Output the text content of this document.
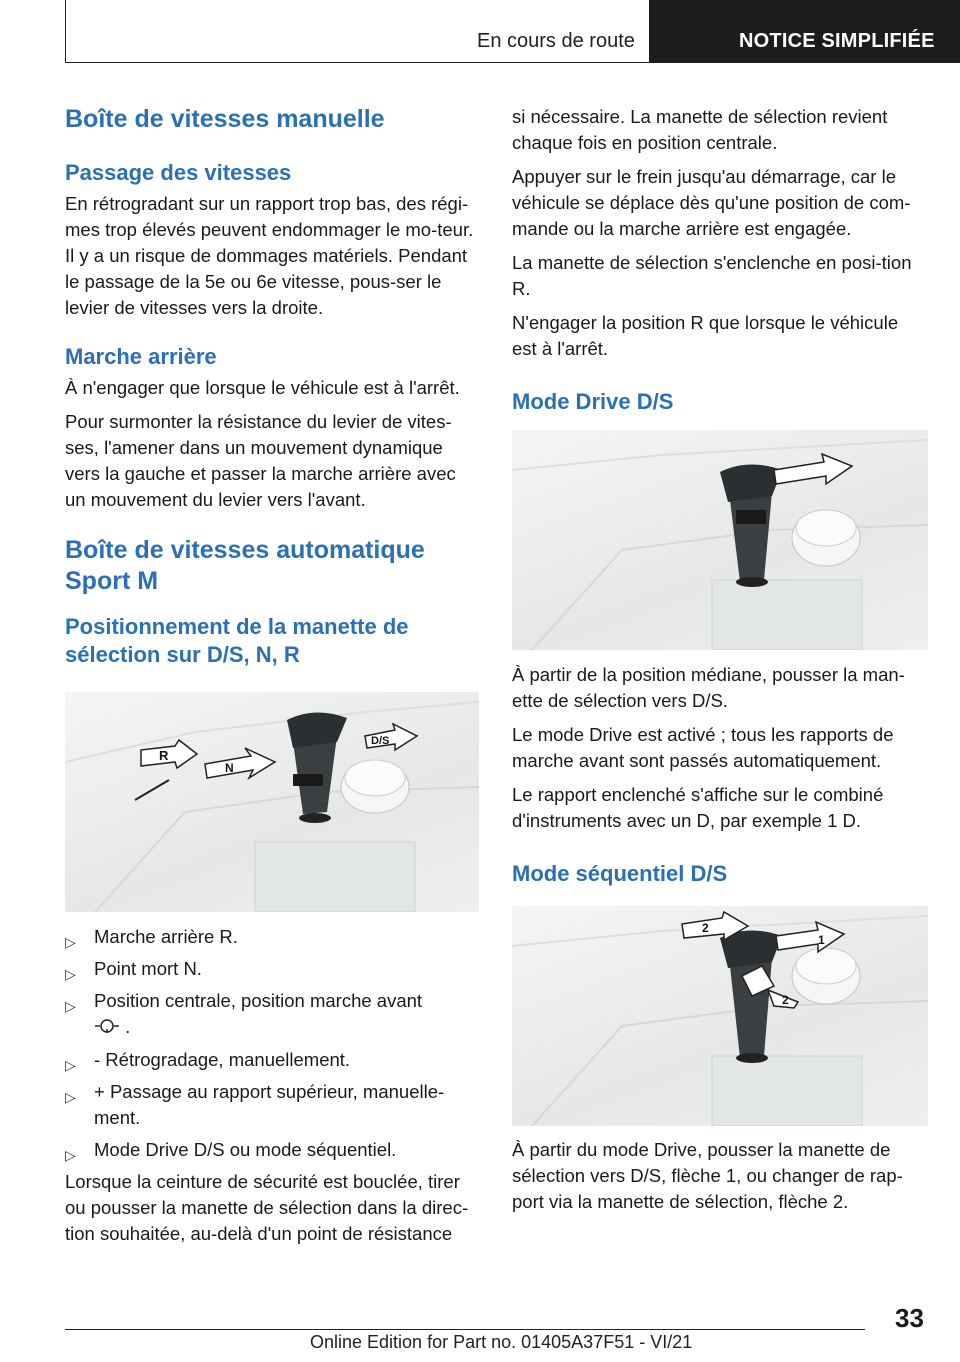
En cours de route	NOTICE SIMPLIFIÉE
Boîte de vitesses manuelle
Passage des vitesses

En rétrogradant sur un rapport trop bas, des régi-mes trop élevés peuvent endommager le mo-teur. Il y a un risque de dommages matériels. Pendant le passage de la 5e ou 6e vitesse, pous-ser le levier de vitesses vers la droite.

Marche arrière

À n'engager que lorsque le véhicule est à l'arrêt.

Pour surmonter la résistance du levier de vites-ses, l'amener dans un mouvement dynamique vers la gauche et passer la marche arrière avec un mouvement du levier vers l'avant.

Boîte de vitesses automatique Sport M
Positionnement de la manette de sélection sur D/S, N, R
R
N
D/S
▷ Marche arrière R.
▷ Point mort N.
▷ Position centrale, position marche avant
.
▷ - Rétrogradage, manuellement.
▷ + Passage au rapport supérieur, manuelle-ment.
▷ Mode Drive D/S ou mode séquentiel.

Lorsque la ceinture de sécurité est bouclée, tirer ou pousser la manette de sélection dans la direc-tion souhaitée, au-delà d'un point de résistance

si nécessaire. La manette de sélection revient chaque fois en position centrale.

Appuyer sur le frein jusqu'au démarrage, car le véhicule se déplace dès qu'une position de com-mande ou la marche arrière est engagée.

La manette de sélection s'enclenche en posi-tion R.

N'engager la position R que lorsque le véhicule est à l'arrêt.

Mode Drive D/S

À partir de la position médiane, pousser la man-ette de sélection vers D/S.

Le mode Drive est activé ; tous les rapports de marche avant sont passés automatiquement.

Le rapport enclenché s'affiche sur le combiné d'instruments avec un D, par exemple 1 D.

Mode séquentiel D/S
1
2
2

À partir du mode Drive, pousser la manette de sélection vers D/S, flèche 1, ou changer de rap-port via la manette de sélection, flèche 2.

33
Online Edition for Part no. 01405A37F51 - VI/21
